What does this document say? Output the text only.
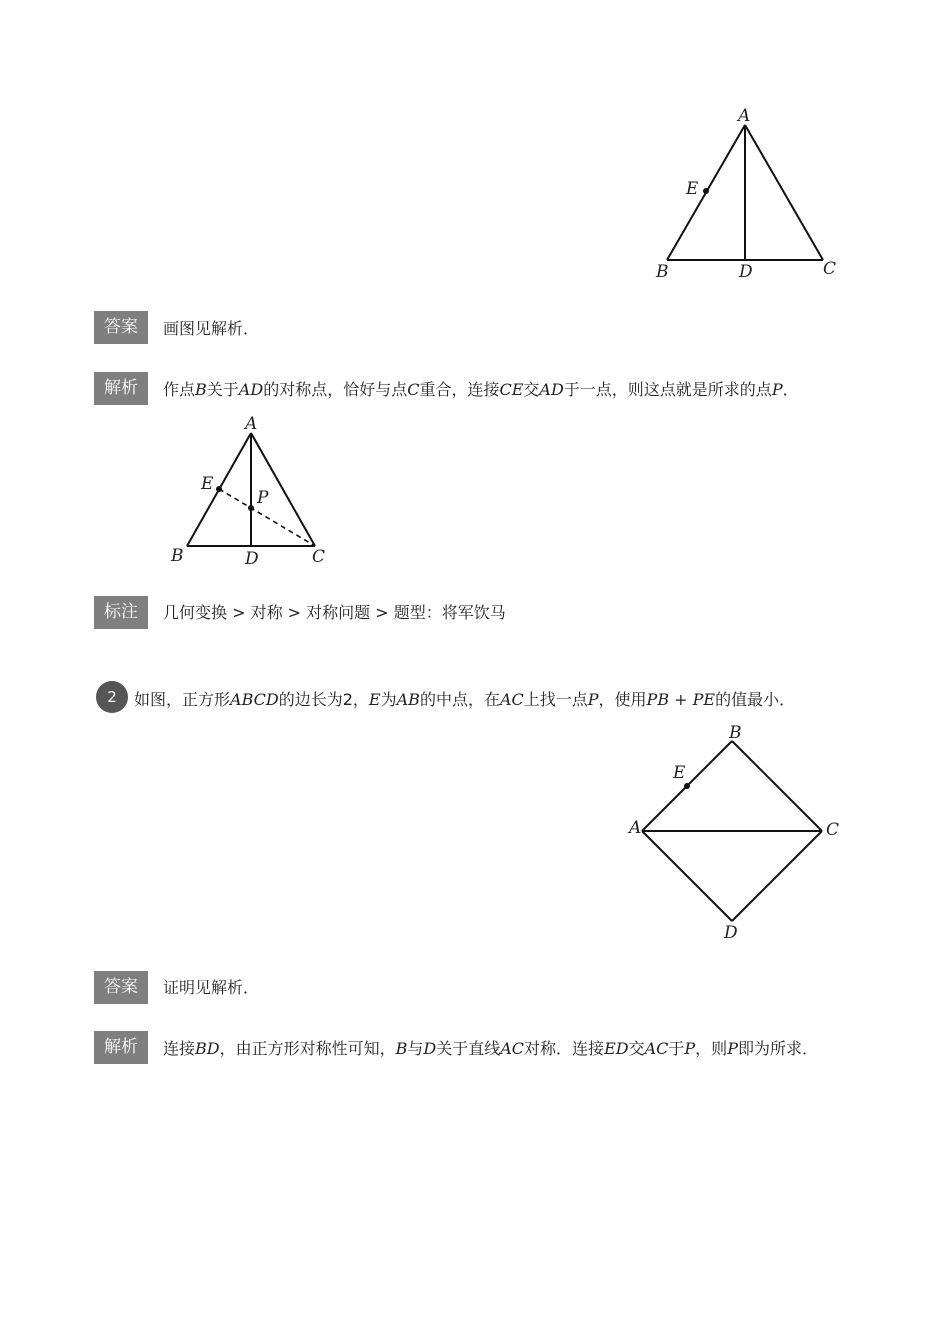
A
E
B	D	C
答案	画图见解析．
解析	作点B关于AD的对称点，恰好与点C重合，连接CE交AD于一点，则这点就是所求的点P．
A
E
P
B	D	C
标注	几何变换 > 对称 > 对称问题 > 题型：将军饮马
2	如图，正方形ABCD的边长为2，E为AB的中点，在AC上找一点P，使用PB + PE的值最小．
B
E
A	C
D
答案	证明见解析．
解析	连接BD，由正方形对称性可知，B与D关于直线AC对称．连接ED交AC于P，则P即为所求．
